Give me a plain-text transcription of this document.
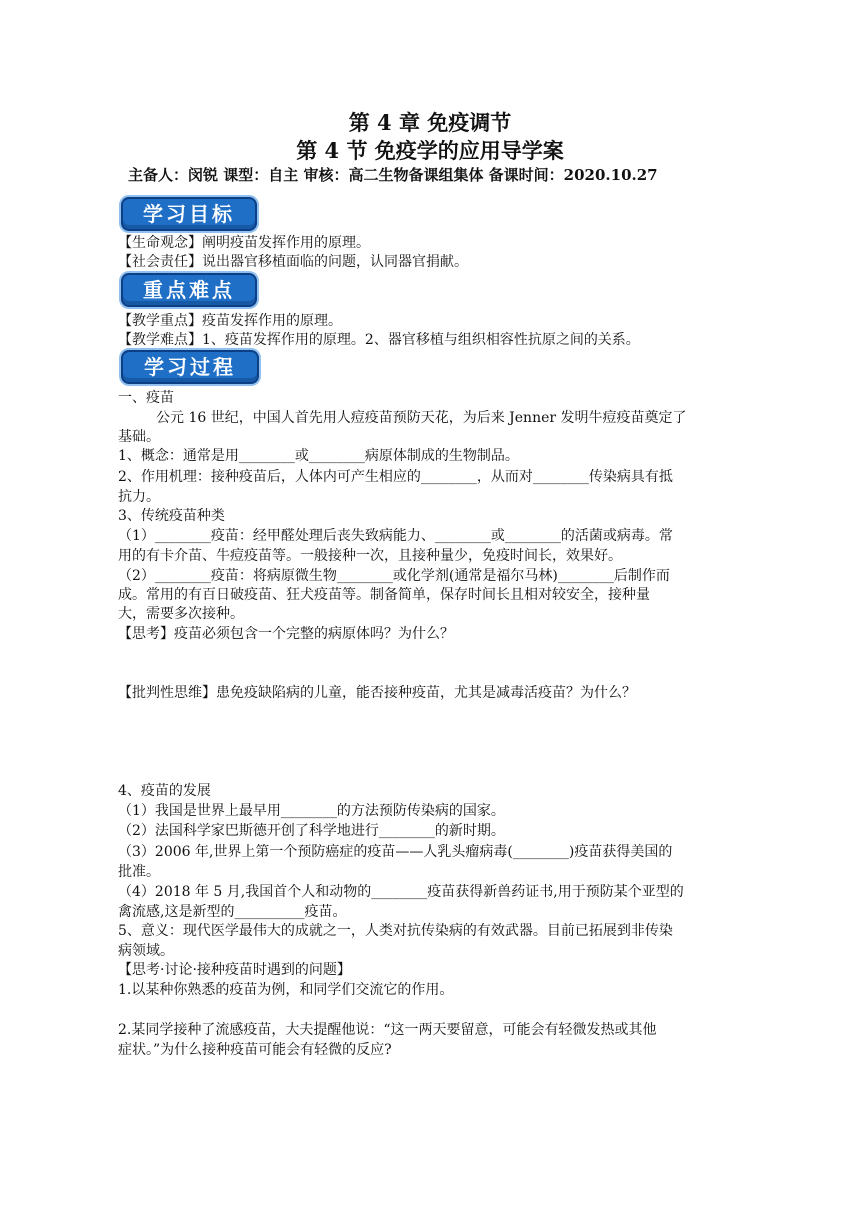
第 4 章 免疫调节
第 4 节 免疫学的应用导学案
主备人：闵锐 课型：自主 审核：高二生物备课组集体 备课时间：2020.10.27
学习目标
【生命观念】阐明疫苗发挥作用的原理。
【社会责任】说出器官移植面临的问题，认同器官捐献。
重点难点
【教学重点】疫苗发挥作用的原理。
【教学难点】1、疫苗发挥作用的原理。2、器官移植与组织相容性抗原之间的关系。
学习过程
一、疫苗
公元 16 世纪，中国人首先用人痘疫苗预防天花，为后来 Jenner 发明牛痘疫苗奠定了
基础。
1、概念：通常是用________或________病原体制成的生物制品。
2、作用机理：接种疫苗后，人体内可产生相应的________，从而对________传染病具有抵
抗力。
3、传统疫苗种类
（1）________疫苗：经甲醛处理后丧失致病能力、________或________的活菌或病毒。常
用的有卡介苗、牛痘疫苗等。一般接种一次，且接种量少，免疫时间长，效果好。
（2）________疫苗：将病原微生物________或化学剂(通常是福尔马林)________后制作而
成。常用的有百日破疫苗、狂犬疫苗等。制备简单，保存时间长且相对较安全，接种量
大，需要多次接种。
【思考】疫苗必须包含一个完整的病原体吗？为什么？
【批判性思维】患免疫缺陷病的儿童，能否接种疫苗，尤其是减毒活疫苗？为什么？
4、疫苗的发展
（1）我国是世界上最早用________的方法预防传染病的国家。
（2）法国科学家巴斯德开创了科学地进行________的新时期。
（3）2006 年,世界上第一个预防癌症的疫苗——人乳头瘤病毒(________)疫苗获得美国的
批准。
（4）2018 年 5 月,我国首个人和动物的________疫苗获得新兽药证书,用于预防某个亚型的
禽流感,这是新型的__________疫苗。
5、意义：现代医学最伟大的成就之一，人类对抗传染病的有效武器。目前已拓展到非传染
病领域。
【思考·讨论·接种疫苗时遇到的问题】
1.以某种你熟悉的疫苗为例，和同学们交流它的作用。
2.某同学接种了流感疫苗，大夫提醒他说：“这一两天要留意，可能会有轻微发热或其他
症状。”为什么接种疫苗可能会有轻微的反应?
